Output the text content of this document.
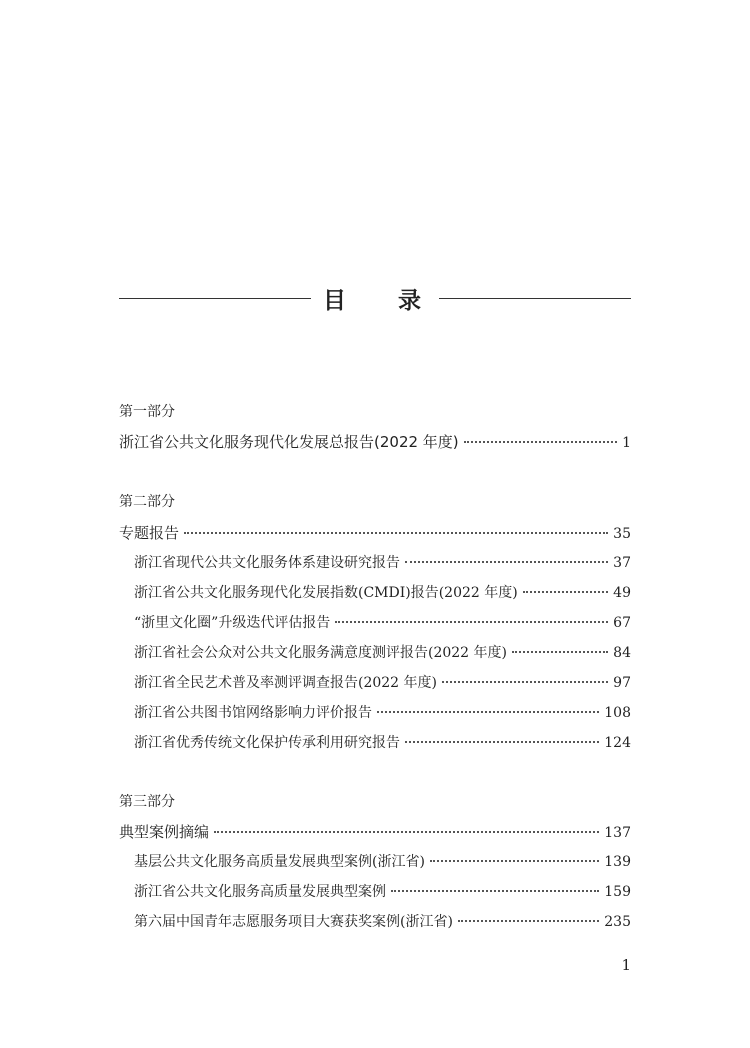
目 录
第一部分
浙江省公共文化服务现代化发展总报告(2022 年度)	1
第二部分
专题报告	35
浙江省现代公共文化服务体系建设研究报告	37
浙江省公共文化服务现代化发展指数(CMDI)报告(2022 年度)	49
“浙里文化圈”升级迭代评估报告	67
浙江省社会公众对公共文化服务满意度测评报告(2022 年度)	84
浙江省全民艺术普及率测评调查报告(2022 年度)	97
浙江省公共图书馆网络影响力评价报告	108
浙江省优秀传统文化保护传承利用研究报告	124
第三部分
典型案例摘编	137
基层公共文化服务高质量发展典型案例(浙江省)	139
浙江省公共文化服务高质量发展典型案例	159
第六届中国青年志愿服务项目大赛获奖案例(浙江省)	235
1
